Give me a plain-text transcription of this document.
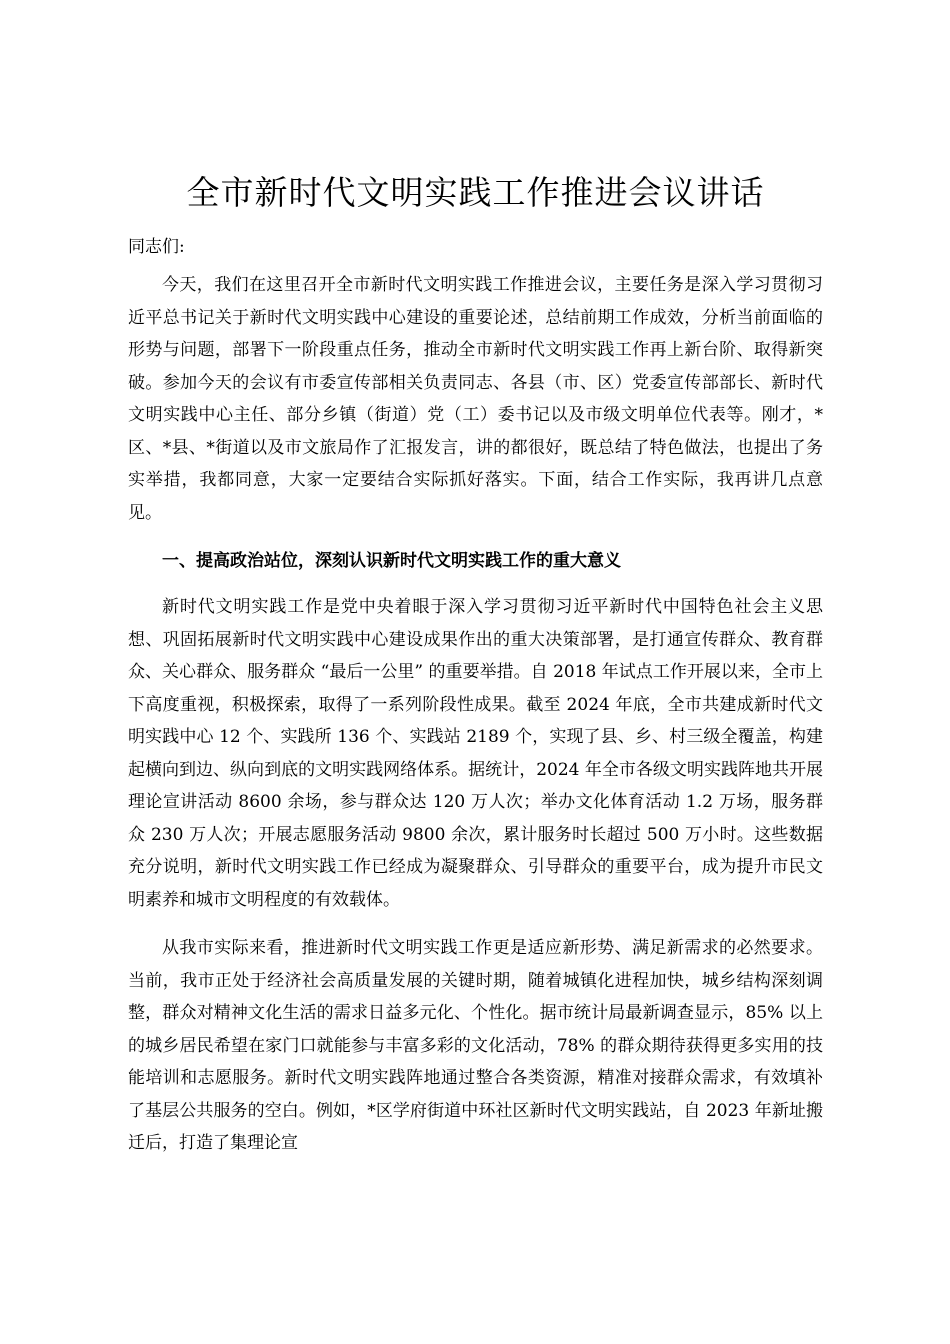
全市新时代文明实践工作推进会议讲话

同志们:

今天，我们在这里召开全市新时代文明实践工作推进会议，主要任务是深入学习贯彻习近平总书记关于新时代文明实践中心建设的重要论述，总结前期工作成效，分析当前面临的形势与问题，部署下一阶段重点任务，推动全市新时代文明实践工作再上新台阶、取得新突破。参加今天的会议有市委宣传部相关负责同志、各县（市、区）党委宣传部部长、新时代文明实践中心主任、部分乡镇（街道）党（工）委书记以及市级文明单位代表等。刚才，*区、*县、*街道以及市文旅局作了汇报发言，讲的都很好，既总结了特色做法，也提出了务实举措，我都同意，大家一定要结合实际抓好落实。下面，结合工作实际，我再讲几点意见。

一、提高政治站位，深刻认识新时代文明实践工作的重大意义

新时代文明实践工作是党中央着眼于深入学习贯彻习近平新时代中国特色社会主义思想、巩固拓展新时代文明实践中心建设成果作出的重大决策部署，是打通宣传群众、教育群众、关心群众、服务群众 “最后一公里” 的重要举措。自 2018 年试点工作开展以来，全市上下高度重视，积极探索，取得了一系列阶段性成果。截至 2024 年底，全市共建成新时代文明实践中心 12 个、实践所 136 个、实践站 2189 个，实现了县、乡、村三级全覆盖，构建起横向到边、纵向到底的文明实践网络体系。据统计，2024 年全市各级文明实践阵地共开展理论宣讲活动 8600 余场，参与群众达 120 万人次；举办文化体育活动 1.2 万场，服务群众 230 万人次；开展志愿服务活动 9800 余次，累计服务时长超过 500 万小时。这些数据充分说明，新时代文明实践工作已经成为凝聚群众、引导群众的重要平台，成为提升市民文明素养和城市文明程度的有效载体。

从我市实际来看，推进新时代文明实践工作更是适应新形势、满足新需求的必然要求。当前，我市正处于经济社会高质量发展的关键时期，随着城镇化进程加快，城乡结构深刻调整，群众对精神文化生活的需求日益多元化、个性化。据市统计局最新调查显示，85% 以上的城乡居民希望在家门口就能参与丰富多彩的文化活动，78% 的群众期待获得更多实用的技能培训和志愿服务。新时代文明实践阵地通过整合各类资源，精准对接群众需求，有效填补了基层公共服务的空白。例如，*区学府街道中环社区新时代文明实践站，自 2023 年新址搬迁后，打造了集理论宣
